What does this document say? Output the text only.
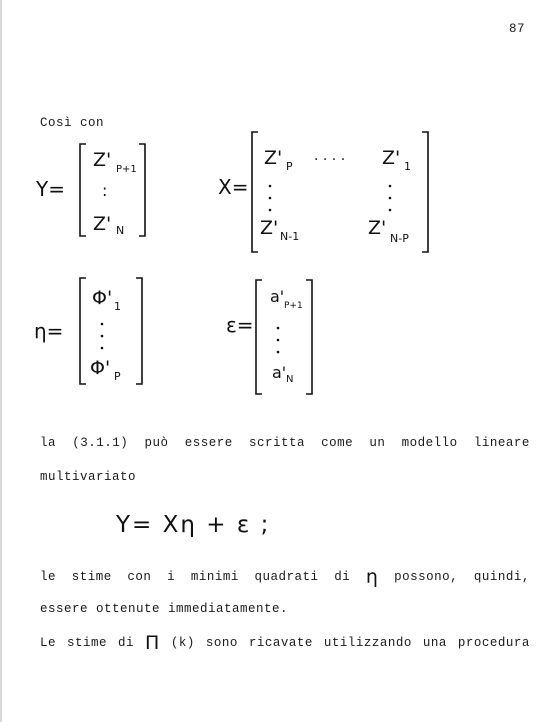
87
Così con
Y=
Z' P+1
:
Z' N
X=
Z' P · · · · Z' 1
Z' N-1	Z' N-P
η=
Φ' 1
Φ' P
ε=
a' P+1
a' N
la (3.1.1) può essere scritta come un modello lineare
multivariato
Y= Xη + ε ;
le stime con i minimi quadrati di η possono, quindi,
essere ottenute immediatamente.
Le stime di Π (k) sono ricavate utilizzando una procedura
